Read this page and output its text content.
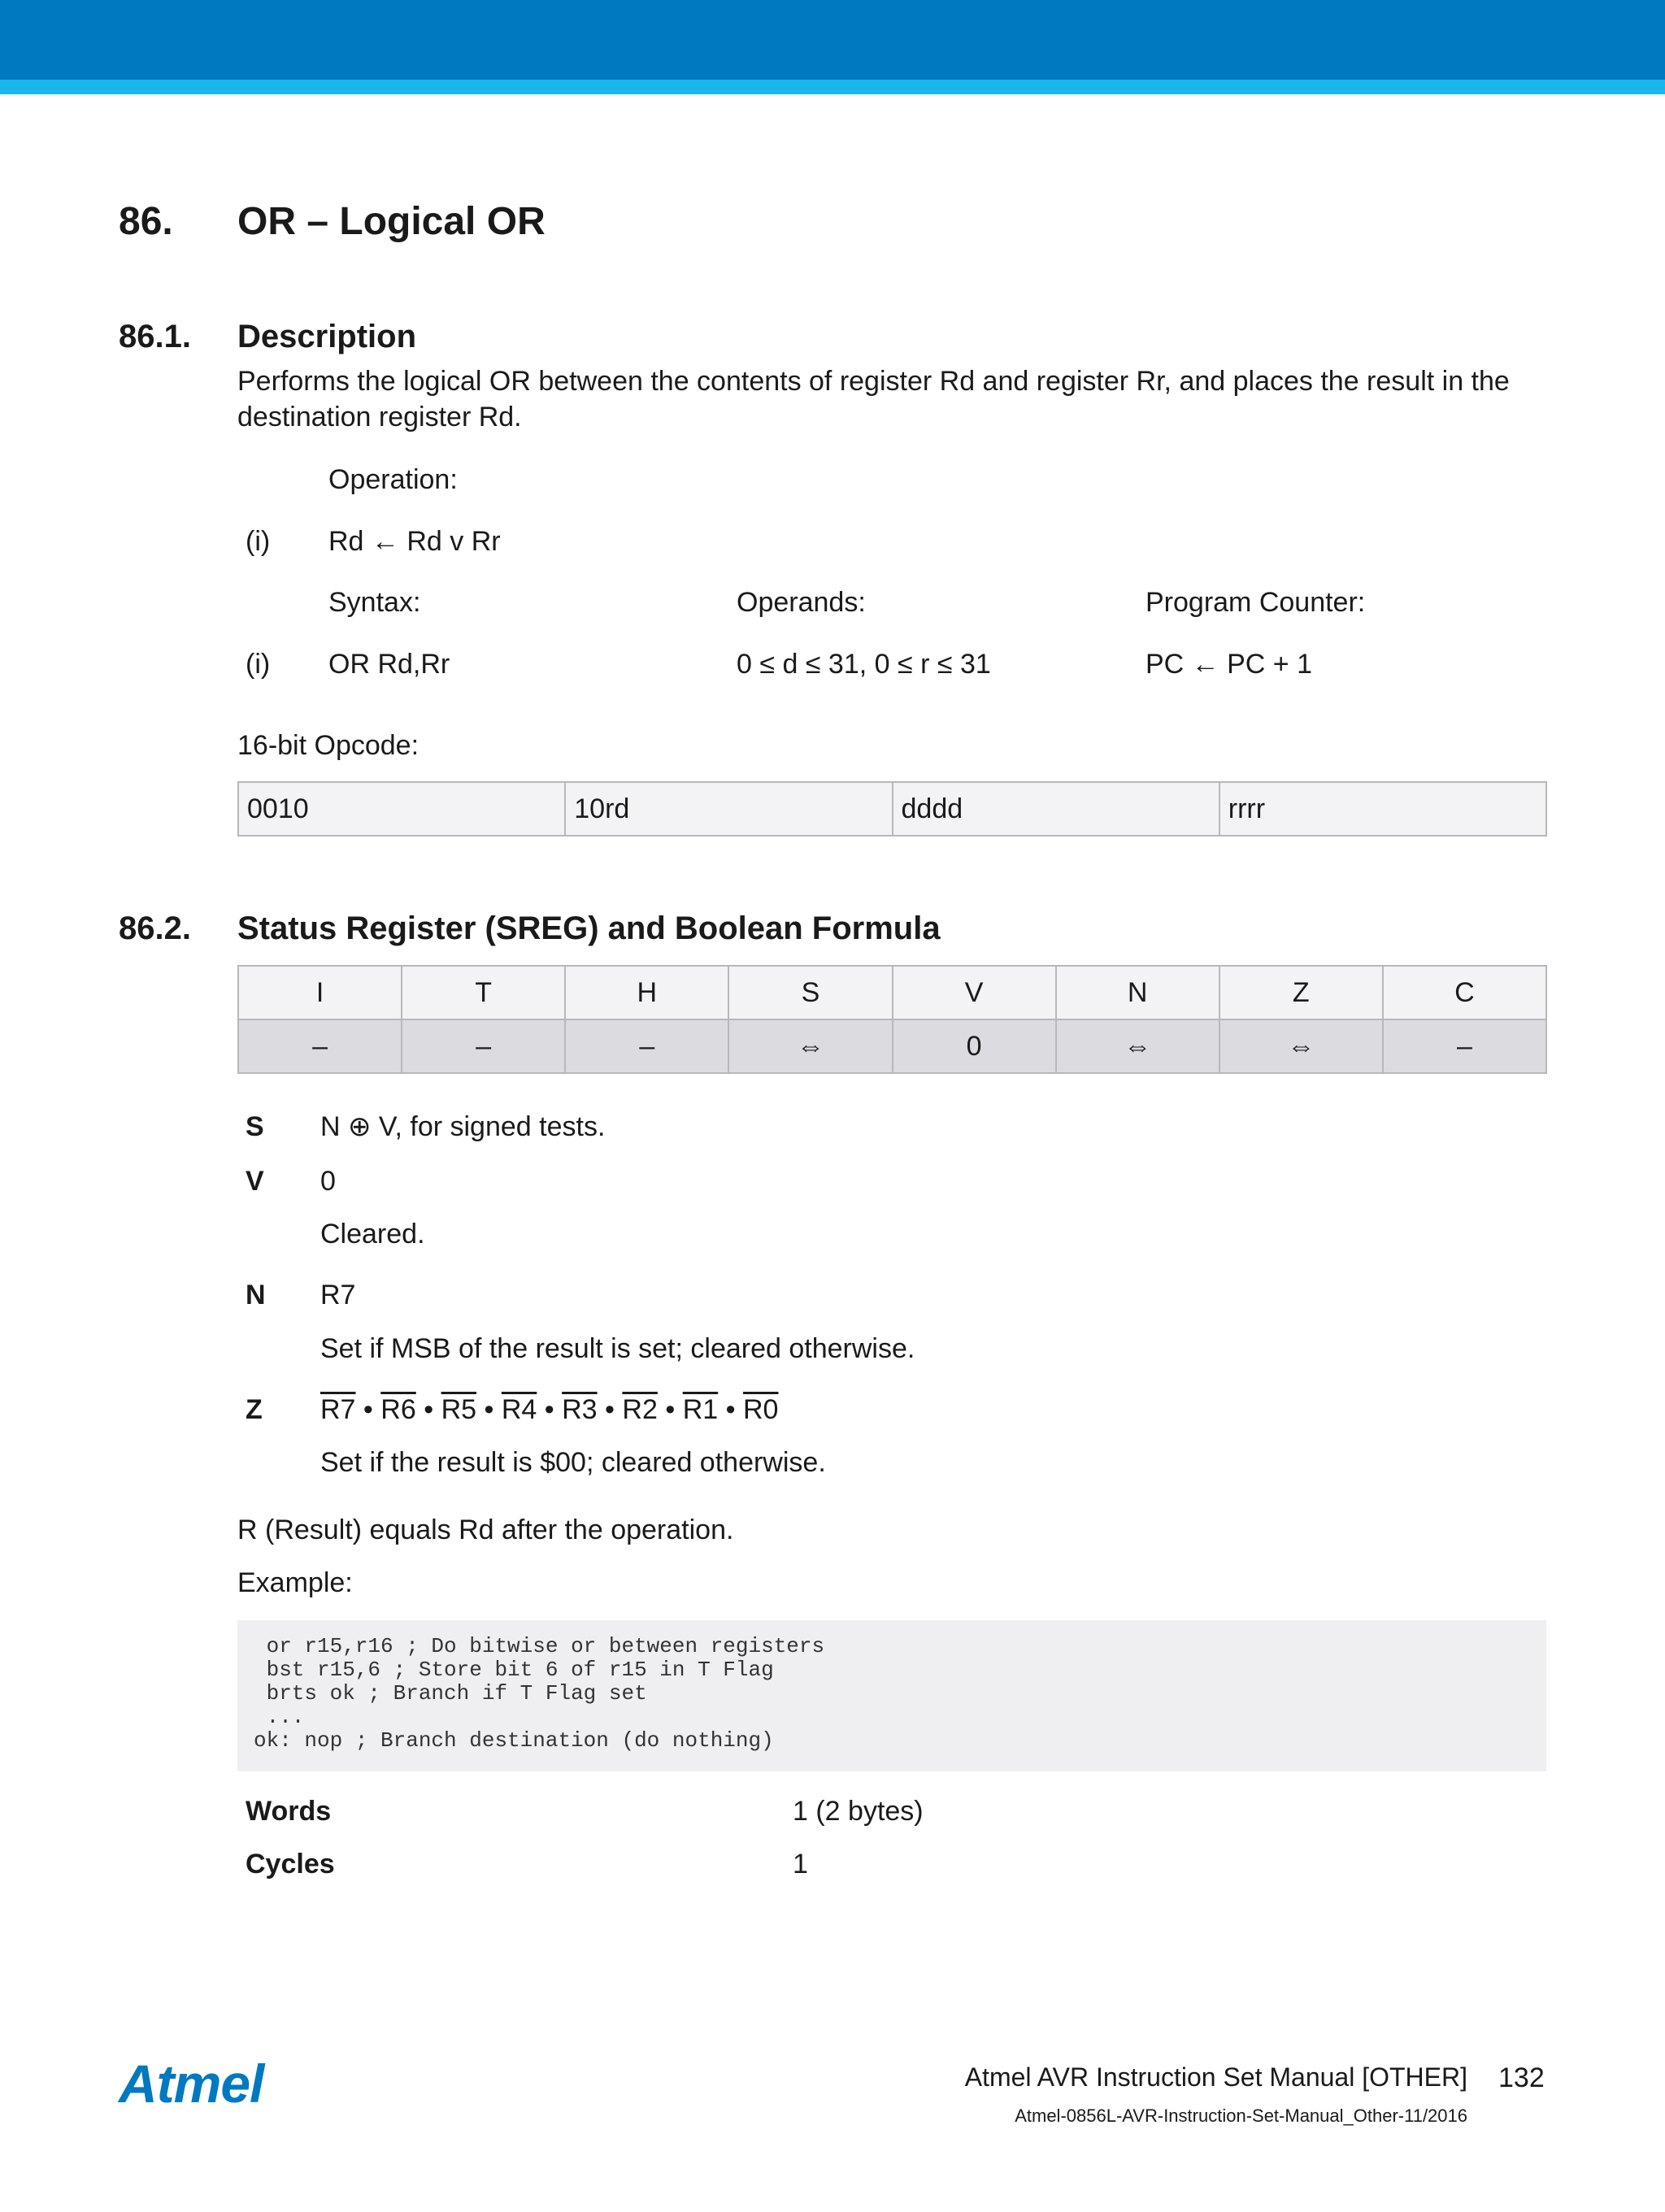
86. OR – Logical OR
86.1. Description
Performs the logical OR between the contents of register Rd and register Rr, and places the result in the
destination register Rd.
Operation:
(i) Rd ← Rd v Rr
Syntax:	Operands:	Program Counter:
(i) OR Rd,Rr	0 ≤ d ≤ 31, 0 ≤ r ≤ 31	PC ← PC + 1
16-bit Opcode:
0010	10rd	dddd	rrrr
86.2. Status Register (SREG) and Boolean Formula
I	T	H	S	V	N	Z	C
–	–	–	⇔	0	⇔	⇔	–
S N ⊕ V, for signed tests.
V 0
Cleared.
N R7
Set if MSB of the result is set; cleared otherwise.
Z R7 • R6 • R5 • R4 • R3 • R2 • R1 • R0
Set if the result is $00; cleared otherwise.
R (Result) equals Rd after the operation.
Example:

or r15,r16 ; Do bitwise or between registers

bst r15,6 ; Store bit 6 of r15 in T Flag

brts ok ; Branch if T Flag set

...

ok: nop ; Branch destination (do nothing)

Words	1 (2 bytes)
Cycles	1
Atmel	Atmel AVR Instruction Set Manual [OTHER] 132
Atmel-0856L-AVR-Instruction-Set-Manual_Other-11/2016
